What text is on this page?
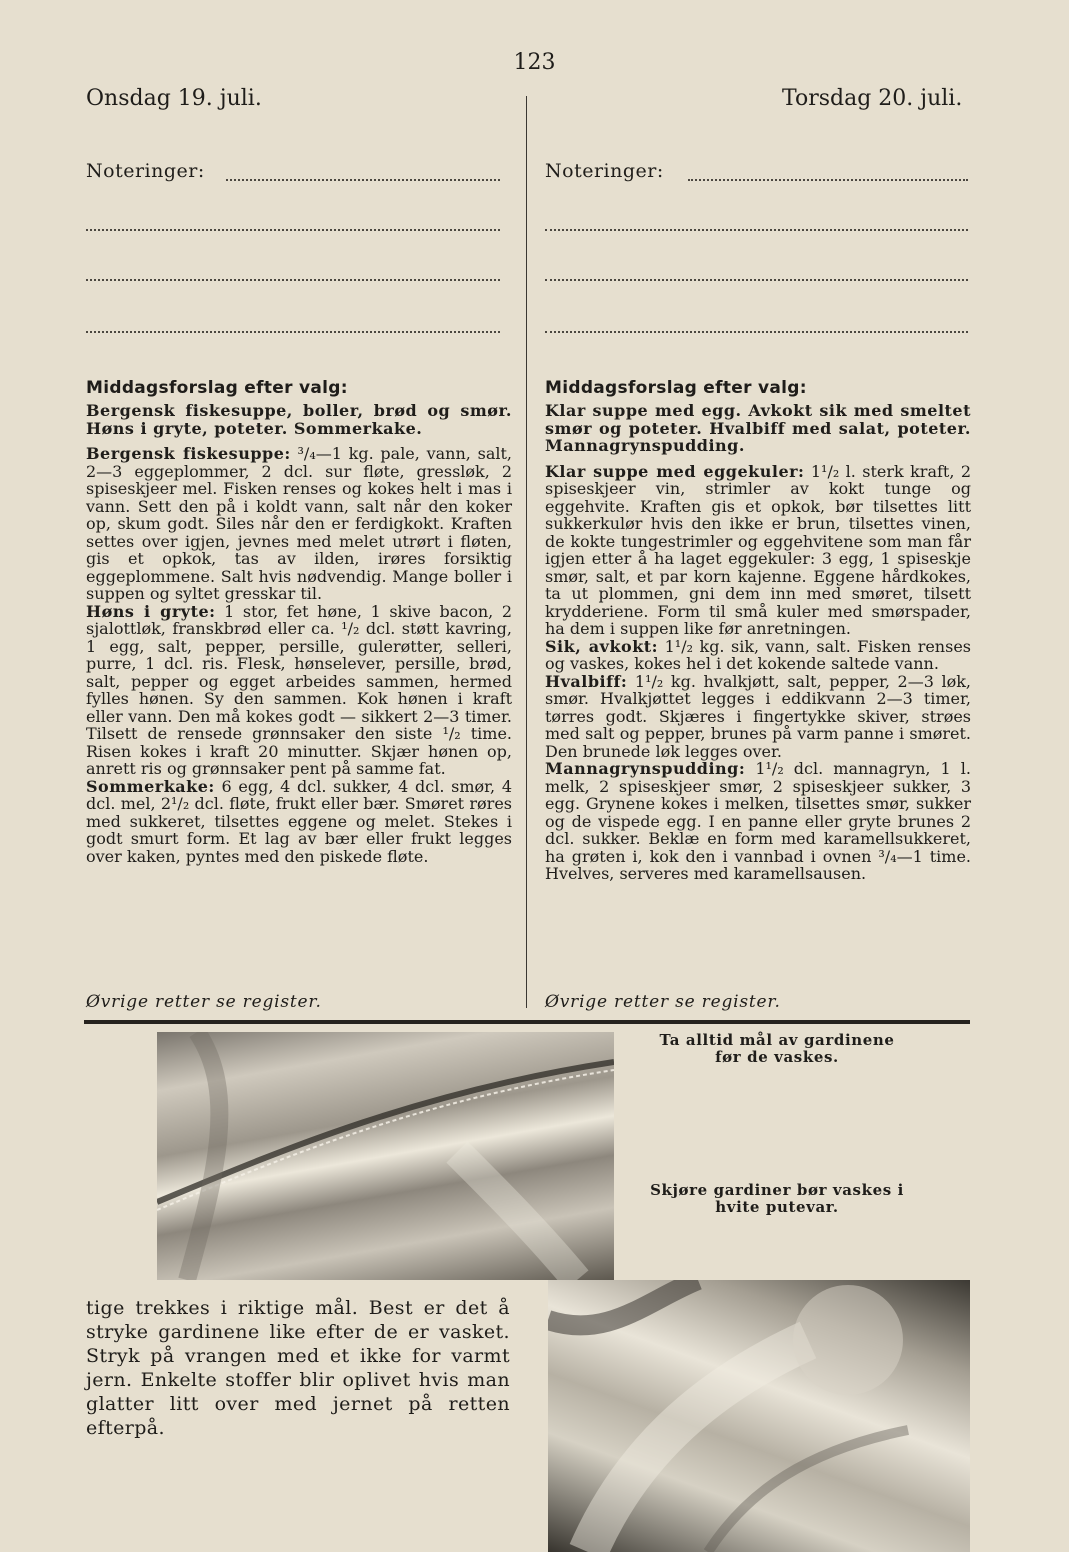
123
Onsdag 19. juli.	Torsdag 20. juli.
Noteringer:	Noteringer:
Middagsforslag efter valg:

Bergensk fiskesuppe, boller, brød og smør. Høns i gryte, poteter. Sommerkake.

Bergensk fiskesuppe: ³/₄—1 kg. pale, vann, salt, 2—3 eggeplommer, 2 dcl. sur fløte, gressløk, 2 spiseskjeer mel. Fisken renses og kokes helt i mas i vann. Sett den på i koldt vann, salt når den koker op, skum godt. Siles når den er ferdigkokt. Kraften settes over igjen, jevnes med melet utrørt i fløten, gis et opkok, tas av ilden, irøres forsiktig eggeplommene. Salt hvis nødvendig. Mange boller i suppen og syltet gresskar til.

Høns i gryte: 1 stor, fet høne, 1 skive bacon, 2 sjalottløk, franskbrød eller ca. ¹/₂ dcl. støtt kavring, 1 egg, salt, pepper, persille, gulerøtter, selleri, purre, 1 dcl. ris. Flesk, hønselever, persille, brød, salt, pepper og egget arbeides sammen, hermed fylles hønen. Sy den sammen. Kok hønen i kraft eller vann. Den må kokes godt — sikkert 2—3 timer. Tilsett de rensede grønnsaker den siste ¹/₂ time. Risen kokes i kraft 20 minutter. Skjær hønen op, anrett ris og grønnsaker pent på samme fat.

Sommerkake: 6 egg, 4 dcl. sukker, 4 dcl. smør, 4 dcl. mel, 2¹/₂ dcl. fløte, frukt eller bær. Smøret røres med sukkeret, tilsettes eggene og melet. Stekes i godt smurt form. Et lag av bær eller frukt legges over kaken, pyntes med den piskede fløte.

Øvrige retter se register.
Middagsforslag efter valg:

Klar suppe med egg. Avkokt sik med smeltet smør og poteter. Hvalbiff med salat, poteter. Mannagrynspudding.

Klar suppe med eggekuler: 1¹/₂ l. sterk kraft, 2 spiseskjeer vin, strimler av kokt tunge og eggehvite. Kraften gis et opkok, bør tilsettes litt sukkerkulør hvis den ikke er brun, tilsettes vinen, de kokte tungestrimler og eggehvitene som man får igjen etter å ha laget eggekuler: 3 egg, 1 spiseskje smør, salt, et par korn kajenne. Eggene hårdkokes, ta ut plommen, gni dem inn med smøret, tilsett krydderiene. Form til små kuler med smørspader, ha dem i suppen like før anretningen.

Sik, avkokt: 1¹/₂ kg. sik, vann, salt. Fisken renses og vaskes, kokes hel i det kokende saltede vann.

Hvalbiff: 1¹/₂ kg. hvalkjøtt, salt, pepper, 2—3 løk, smør. Hvalkjøttet legges i eddikvann 2—3 timer, tørres godt. Skjæres i fingertykke skiver, strøes med salt og pepper, brunes på varm panne i smøret. Den brunede løk legges over.

Mannagrynspudding: 1¹/₂ dcl. mannagryn, 1 l. melk, 2 spiseskjeer smør, 2 spiseskjeer sukker, 3 egg. Grynene kokes i melken, tilsettes smør, sukker og de vispede egg. I en panne eller gryte brunes 2 dcl. sukker. Beklæ en form med karamellsukkeret, ha grøten i, kok den i vannbad i ovnen ³/₄—1 time. Hvelves, serveres med karamellsausen.

Øvrige retter se register.
Ta alltid mål av gardinene før de vaskes.
Skjøre gardiner bør vaskes i hvite putevar.
tige trekkes i riktige mål. Best er det å stryke gardinene like efter de er vasket. Stryk på vrangen med et ikke for varmt jern. Enkelte stoffer blir oplivet hvis man glatter litt over med jernet på retten efterpå.
